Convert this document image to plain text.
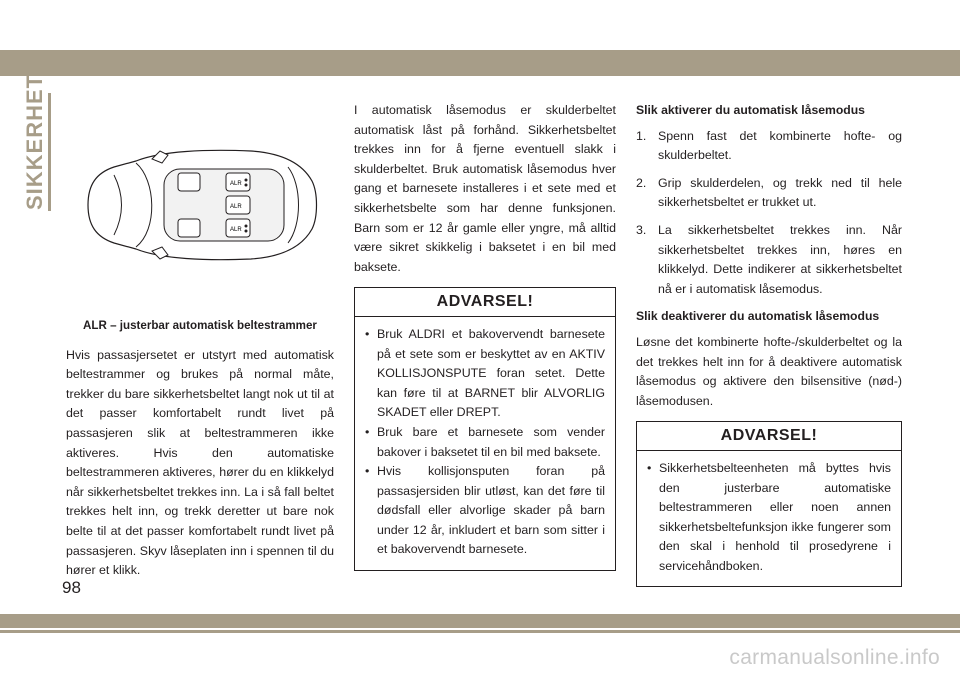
SIKKERHET	ALR
ALR
ALR
ALR – justerbar automatisk beltestrammer

Hvis passasjersetet er utstyrt med automatisk beltestrammer og brukes på normal måte, trekker du bare sikkerhetsbeltet langt nok ut til at det passer komfortabelt rundt livet på passasjeren slik at beltestrammeren ikke aktiveres. Hvis den automatiske beltestrammeren aktiveres, hører du en klikkelyd når sikkerhetsbeltet trekkes inn. La i så fall beltet trekkes helt inn, og trekk deretter ut bare nok belte til at det passer komfortabelt rundt livet på passasjeren. Skyv låseplaten inn i spennen til du hører et klikk.

I automatisk låsemodus er skulderbeltet automatisk låst på forhånd. Sikkerhetsbeltet trekkes inn for å fjerne eventuell slakk i skulderbeltet. Bruk automatisk låsemodus hver gang et barnesete installeres i et sete med et sikkerhetsbelte som har denne funksjonen. Barn som er 12 år gamle eller yngre, må alltid være sikret skikkelig i baksetet i en bil med baksete.

ADVARSEL!
• Bruk ALDRI et bakovervendt barnesete på et sete som er beskyttet av en AKTIV KOLLISJONSPUTE foran setet. Dette kan føre til at BARNET blir ALVORLIG SKADET eller DREPT.
• Bruk bare et barnesete som vender bakover i baksetet til en bil med baksete.
• Hvis kollisjonsputen foran på passasjersiden blir utløst, kan det føre til dødsfall eller alvorlige skader på barn under 12 år, inkludert et barn som sitter i et bakovervendt barnesete.
Slik aktiverer du automatisk låsemodus
1. Spenn fast det kombinerte hofte- og skulderbeltet.
2. Grip skulderdelen, og trekk ned til hele sikkerhetsbeltet er trukket ut.
3. La sikkerhetsbeltet trekkes inn. Når sikkerhetsbeltet trekkes inn, høres en klikkelyd. Dette indikerer at sikkerhetsbeltet nå er i automatisk låsemodus.
Slik deaktiverer du automatisk låsemodus

Løsne det kombinerte hofte-/skulderbeltet og la det trekkes helt inn for å deaktivere automatisk låsemodus og aktivere den bilsensitive (nød-) låsemodusen.

ADVARSEL!
• Sikkerhetsbelteenheten må byttes hvis den justerbare automatiske beltestrammeren eller noen annen sikkerhetsbeltefunksjon ikke fungerer som den skal i henhold til prosedyrene i servicehåndboken.
98
carmanualsonline.info
